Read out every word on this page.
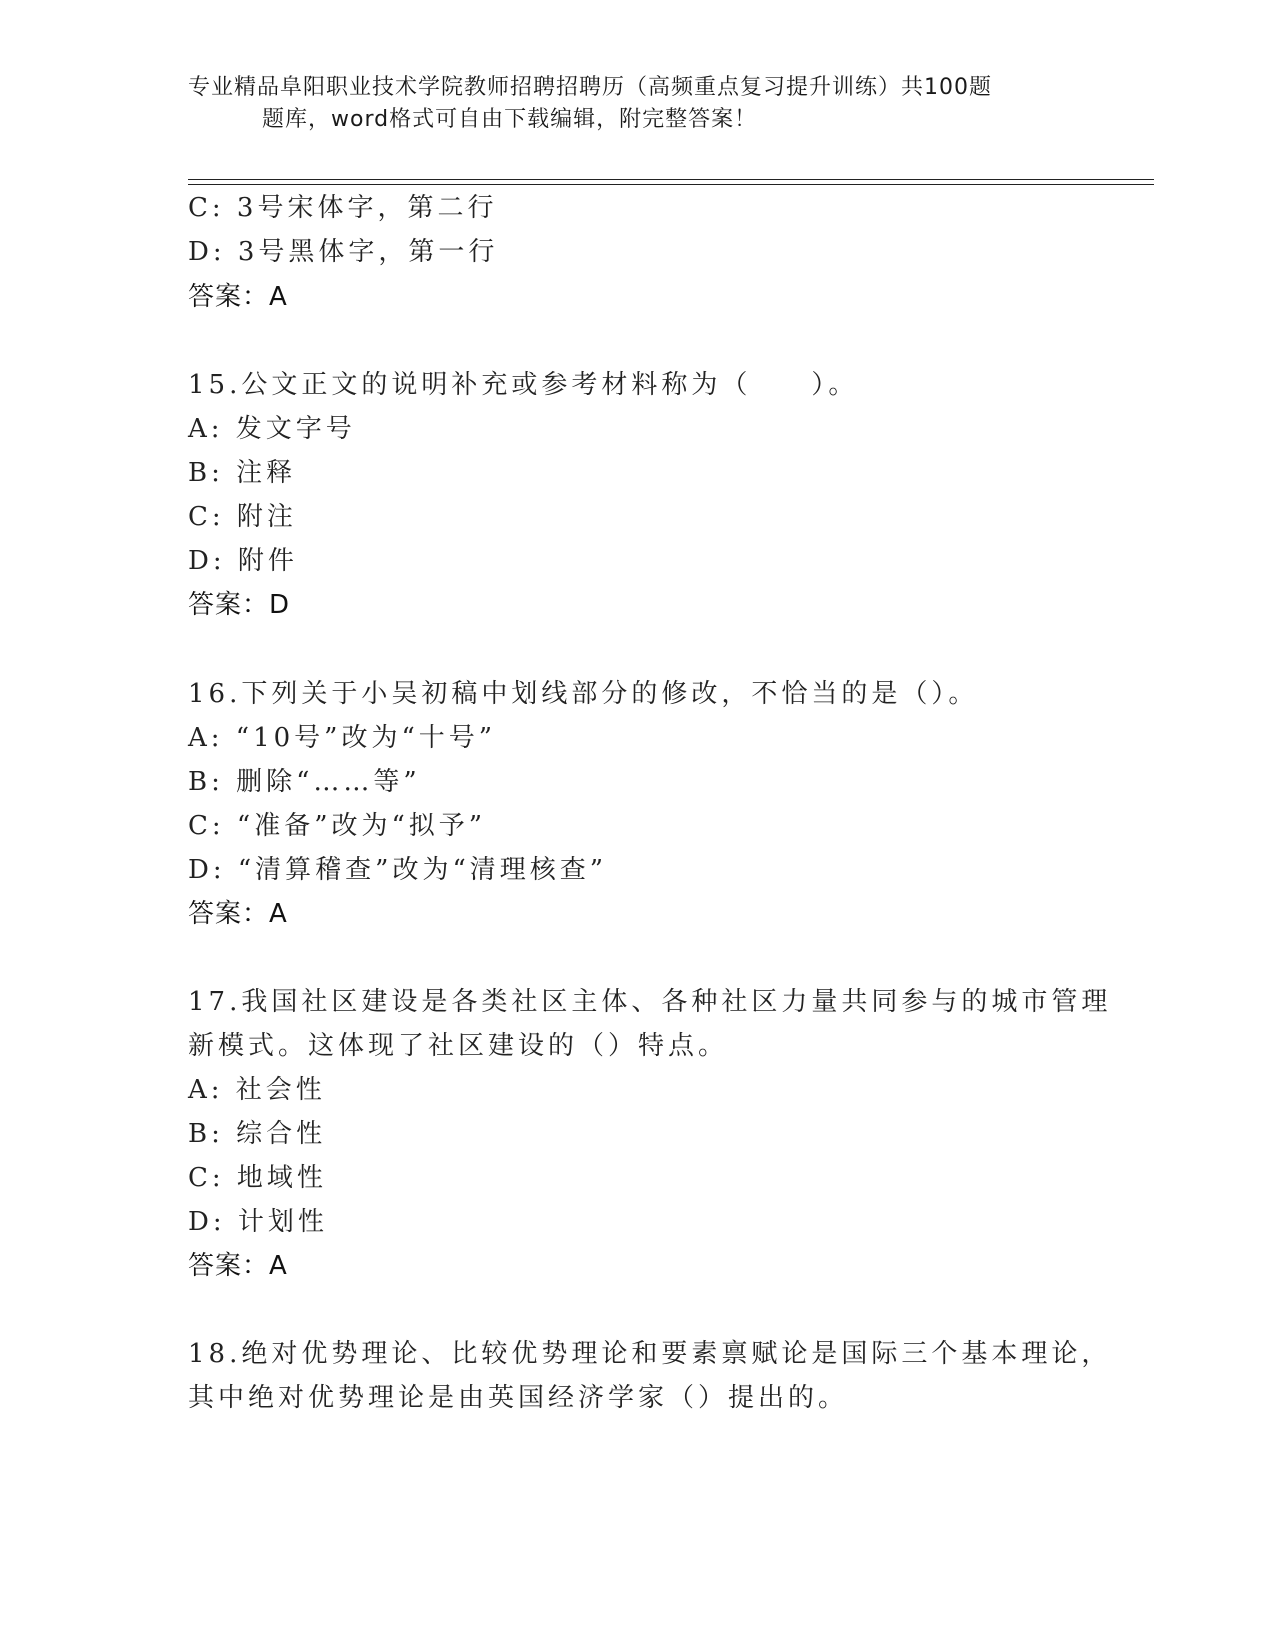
专业精品阜阳职业技术学院教师招聘招聘历（高频重点复习提升训练）共100题
题库，word格式可自由下载编辑，附完整答案！
C: 3号宋体字，第二行
D: 3号黑体字，第一行
答案：A
15.公文正文的说明补充或参考材料称为（　　）。
A: 发文字号
B: 注释
C: 附注
D: 附件
答案：D
16.下列关于小吴初稿中划线部分的修改，不恰当的是（）。
A: “10号”改为“十号”
B: 删除“……等”
C: “准备”改为“拟予”
D: “清算稽查”改为“清理核查”
答案：A
17.我国社区建设是各类社区主体、各种社区力量共同参与的城市管理
新模式。这体现了社区建设的（）特点。
A: 社会性
B: 综合性
C: 地域性
D: 计划性
答案：A
18.绝对优势理论、比较优势理论和要素禀赋论是国际三个基本理论，
其中绝对优势理论是由英国经济学家（）提出的。
